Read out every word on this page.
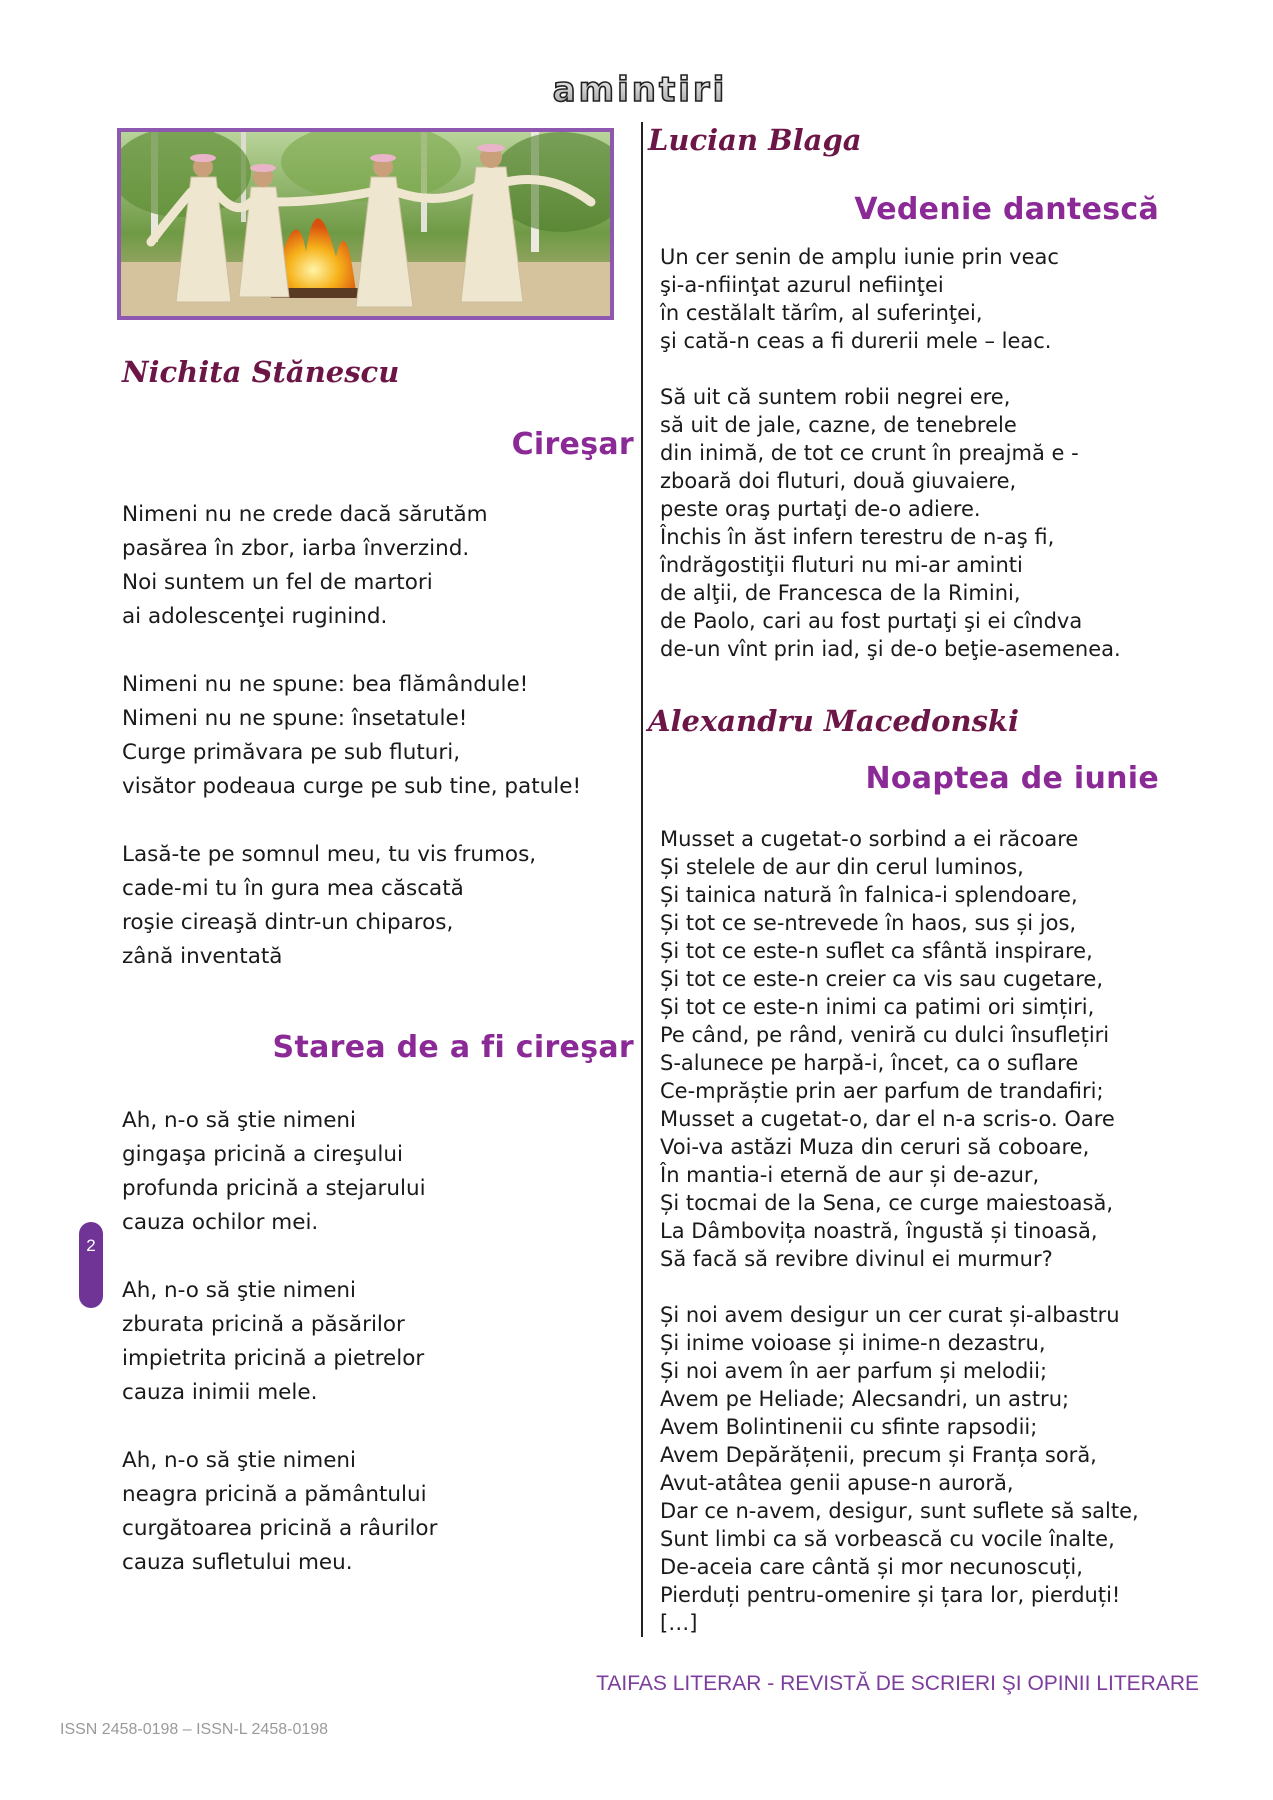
amintiri
Nichita Stănescu
Cireşar
Nimeni nu ne crede dacă sărutăm
pasărea în zbor, iarba înverzind.
Noi suntem un fel de martori
ai adolescenţei ruginind.
Nimeni nu ne spune: bea flămândule!
Nimeni nu ne spune: însetatule!
Curge primăvara pe sub fluturi,
visător podeaua curge pe sub tine, patule!
Lasă-te pe somnul meu, tu vis frumos,
cade-mi tu în gura mea căscată
roşie cireaşă dintr-un chiparos,
zână inventată
Starea de a fi cireşar
Ah, n-o să ştie nimeni
gingaşa pricină a cireşului
profunda pricină a stejarului
cauza ochilor mei.
Ah, n-o să ştie nimeni
zburata pricină a păsărilor
impietrita pricină a pietrelor
cauza inimii mele.
Ah, n-o să ştie nimeni
neagra pricină a pământului
curgătoarea pricină a râurilor
cauza sufletului meu.
2
Lucian Blaga
Vedenie dantescă
Un cer senin de amplu iunie prin veac
şi-a-nfiinţat azurul nefiinţei
în cestălalt tărîm, al suferinţei,
şi cată-n ceas a fi durerii mele – leac.
Să uit că suntem robii negrei ere,
să uit de jale, cazne, de tenebrele
din inimă, de tot ce crunt în preajmă e -
zboară doi fluturi, două giuvaiere,
peste oraş purtaţi de-o adiere.
Închis în ăst infern terestru de n-aş fi,
îndrăgostiţii fluturi nu mi-ar aminti
de alţii, de Francesca de la Rimini,
de Paolo, cari au fost purtaţi şi ei cîndva
de-un vînt prin iad, şi de-o beţie-asemenea.
Alexandru Macedonski
Noaptea de iunie
Musset a cugetat-o sorbind a ei răcoare
Și stelele de aur din cerul luminos,
Și tainica natură în falnica-i splendoare,
Și tot ce se-ntrevede în haos, sus și jos,
Și tot ce este-n suflet ca sfântă inspirare,
Și tot ce este-n creier ca vis sau cugetare,
Și tot ce este-n inimi ca patimi ori simțiri,
Pe când, pe rând, veniră cu dulci însuflețiri
S-alunece pe harpă-i, încet, ca o suflare
Ce-mprăștie prin aer parfum de trandafiri;
Musset a cugetat-o, dar el n-a scris-o. Oare
Voi-va astăzi Muza din ceruri să coboare,
În mantia-i eternă de aur și de-azur,
Și tocmai de la Sena, ce curge maiestoasă,
La Dâmbovița noastră, îngustă și tinoasă,
Să facă să revibre divinul ei murmur?
Și noi avem desigur un cer curat și-albastru
Și inime voioase și inime-n dezastru,
Și noi avem în aer parfum și melodii;
Avem pe Heliade; Alecsandri, un astru;
Avem Bolintinenii cu sfinte rapsodii;
Avem Depărățenii, precum și Franța soră,
Avut-atâtea genii apuse-n auroră,
Dar ce n-avem, desigur, sunt suflete să salte,
Sunt limbi ca să vorbească cu vocile înalte,
De-aceia care cântă și mor necunoscuți,
Pierduți pentru-omenire și țara lor, pierduți!
[…]
TAIFAS LITERAR - REVISTĂ DE SCRIERI ŞI OPINII LITERARE
ISSN 2458-0198 – ISSN-L 2458-0198
